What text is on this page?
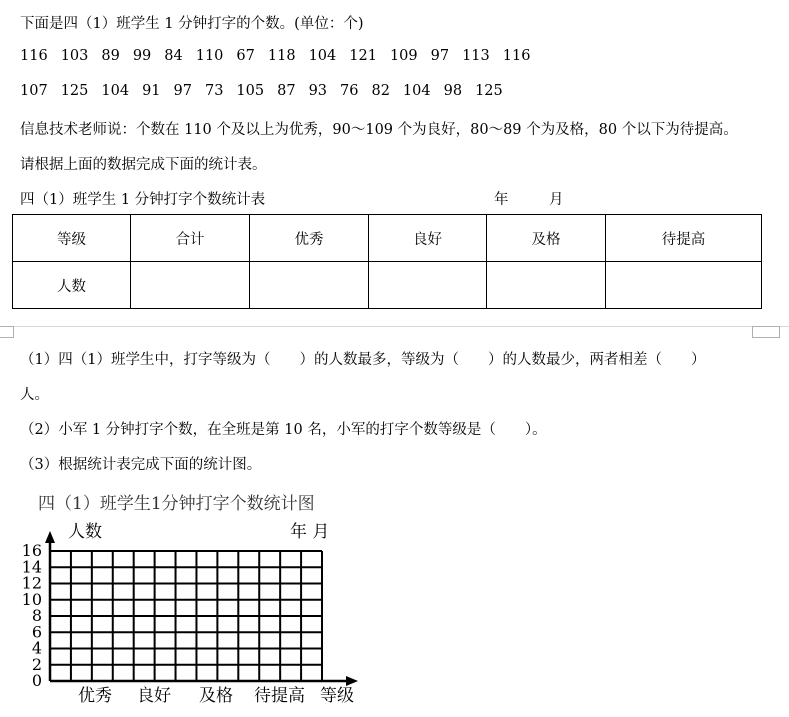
下面是四（1）班学生 1 分钟打字的个数。(单位：个)
116 103 89 99 84 110 67 118 104 121 109 97 113 116
107 125 104 91 97 73 105 87 93 76 82 104 98 125
信息技术老师说：个数在 110 个及以上为优秀，90～109 个为良好，80～89 个为及格，80 个以下为待提高。
请根据上面的数据完成下面的统计表。
四（1）班学生 1 分钟打字个数统计表	年	月
等级	合计	优秀	良好	及格	待提高
人数					
（1）四（1）班学生中，打字等级为（　　）的人数最多，等级为（　　）的人数最少，两者相差（　　）
人。
（2）小军 1 分钟打字个数，在全班是第 10 名，小军的打字个数等级是（　　）。
（3）根据统计表完成下面的统计图。
四（1）班学生1分钟打字个数统计图
0
2
4
6
8
10
12
14
16
人数	年 月
优秀 良好 及格 待提高 等级
